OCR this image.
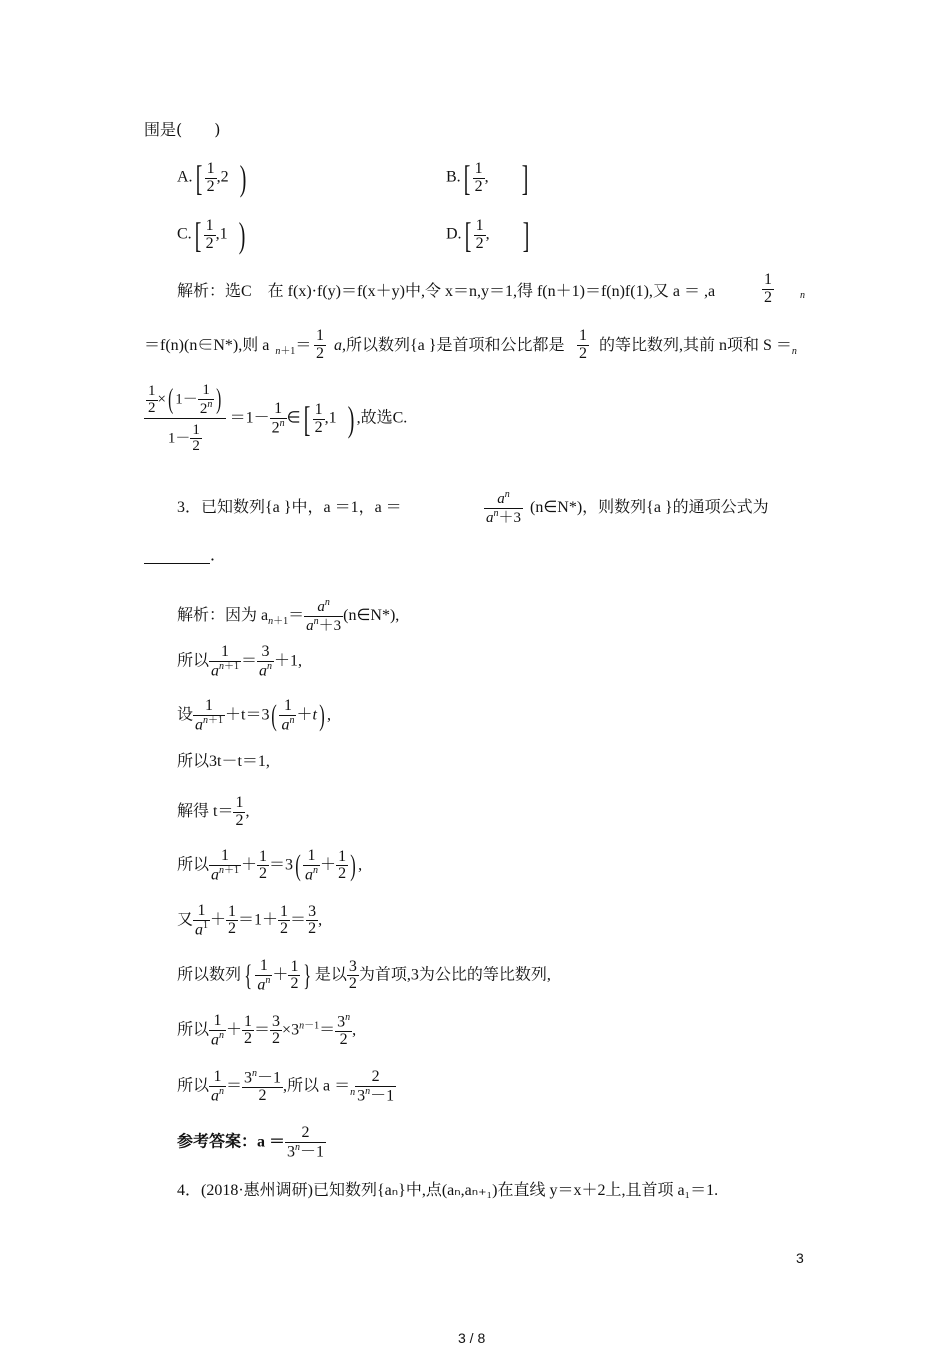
围是(　　)
$A.[ \frac{1}{2} ,2$ )	$B.[ \frac{1}{2}$ , ]
$C.[ \frac{1}{2} ,1$ )	$D.[ \frac{1}{2}$ , ]
解析：选C　在 f(x)·f(y)＝f(x＋y)中,令 x＝n,y＝1,得 f(n＋1)＝f(n)f(1),又 a ＝ ,a	$\frac{1}{2}$	n
＝f(n)(n∈N*),则 a $_{n+1}= \frac{1}{2} a$,所以数列{a }是首项和公比都是 $\frac{1}{2}$ 的等比数列,其前 n项和 $S =_n$
$\frac{\frac{1}{2} \times( 1- \frac{1}{2^n} )}{1- \frac{1}{2}} =1- \frac{1}{2^n}$ ∈[ $\frac{1}{2} ,1$ ) ,故选C.
3．已知数列{a }中，a ＝1，a ＝	$\frac{a^n}{a^n+3}$ (n∈N*)，则数列{a }的通项公式为
．
解析：因为 $a_{n+1}= \frac{a^n}{a^n+3}$ (n∈N*),
所以 $\frac{1}{a^{n+1}} = \frac{3}{a^n} +1$,
设 $\frac{1}{a^{n+1}} +t=3( \frac{1}{a^n} +t)$ ,
所以3t－t＝1,
解得 $t= \frac{1}{2}$ ,
所以 $\frac{1}{a^{n+1}} + \frac{1}{2} =3( \frac{1}{a^n} + \frac{1}{2}$ ) ,
又 $\frac{1}{a^1} + \frac{1}{2} =1+ \frac{1}{2} = \frac{3}{2}$ ,
所以数列 { $\frac{1}{a^n} + \frac{1}{2}$ } 是以 $\frac{3}{2}$ 为首项,3为公比的等比数列,
所以 $\frac{1}{a^n} + \frac{1}{2} = \frac{3}{2} \times 3^{n-1}= \frac{3^n}{2}$ ,
所以 $\frac{1}{a^n} = \frac{3^n-1}{2}$ ,所以 $a =_n \frac{2}{3^n-1}$
参考答案：$a = \frac{2}{3^n-1}$
4．(2018·惠州调研)已知数列{aₙ}中,点(aₙ,aₙ₊₁)在直线 y＝x＋2上,且首项 a₁＝1.
3
3 / 8
